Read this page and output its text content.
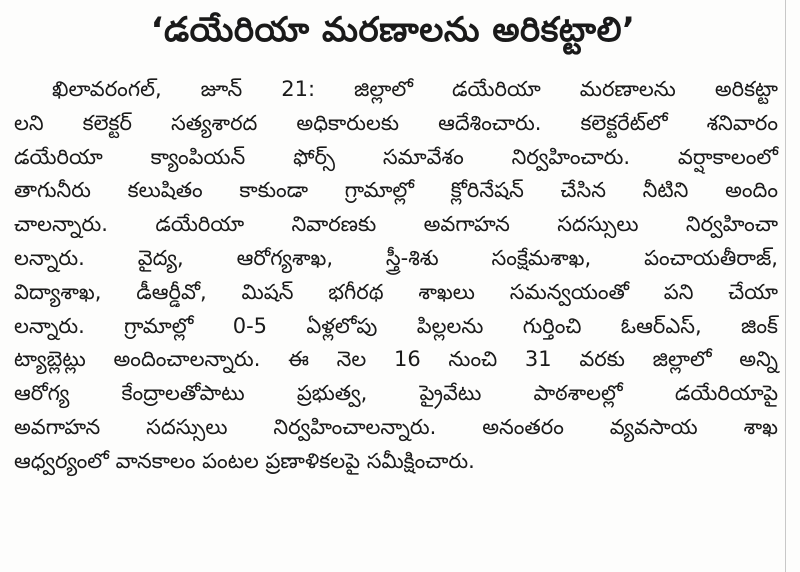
‘డయేరియా మరణాలను అరికట్టాలి’
ఖిలావరంగల్, జూన్ 21: జిల్లాలో డయేరియా మరణాలను అరికట్టా
లని కలెక్టర్ సత్యశారద అధికారులకు ఆదేశించారు. కలెక్టరేట్‌లో శనివారం
డయేరియా క్యాంపియన్ ఫోర్స్ సమావేశం నిర్వహించారు. వర్షాకాలంలో
తాగునీరు కలుషితం కాకుండా గ్రామాల్లో క్లోరినేషన్ చేసిన నీటిని అందిం
చాలన్నారు. డయేరియా నివారణకు అవగాహన సదస్సులు నిర్వహించా
లన్నారు. వైద్య, ఆరోగ్యశాఖ, స్త్రీ-శిశు సంక్షేమశాఖ, పంచాయతీరాజ్,
విద్యాశాఖ, డీఆర్డీవో, మిషన్ భగీరథ శాఖలు సమన్వయంతో పని చేయా
లన్నారు. గ్రామాల్లో 0-5 ఏళ్లలోపు పిల్లలను గుర్తించి ఓఆర్ఎస్, జింక్
ట్యాబ్లెట్లు అందించాలన్నారు. ఈ నెల 16 నుంచి 31 వరకు జిల్లాలో అన్ని
ఆరోగ్య కేంద్రాలతోపాటు ప్రభుత్వ, ప్రైవేటు పాఠశాలల్లో డయేరియాపై
అవగాహన సదస్సులు నిర్వహించాలన్నారు. అనంతరం వ్యవసాయ శాఖ
ఆధ్వర్యంలో వానకాలం పంటల ప్రణాళికలపై సమీక్షించారు.
